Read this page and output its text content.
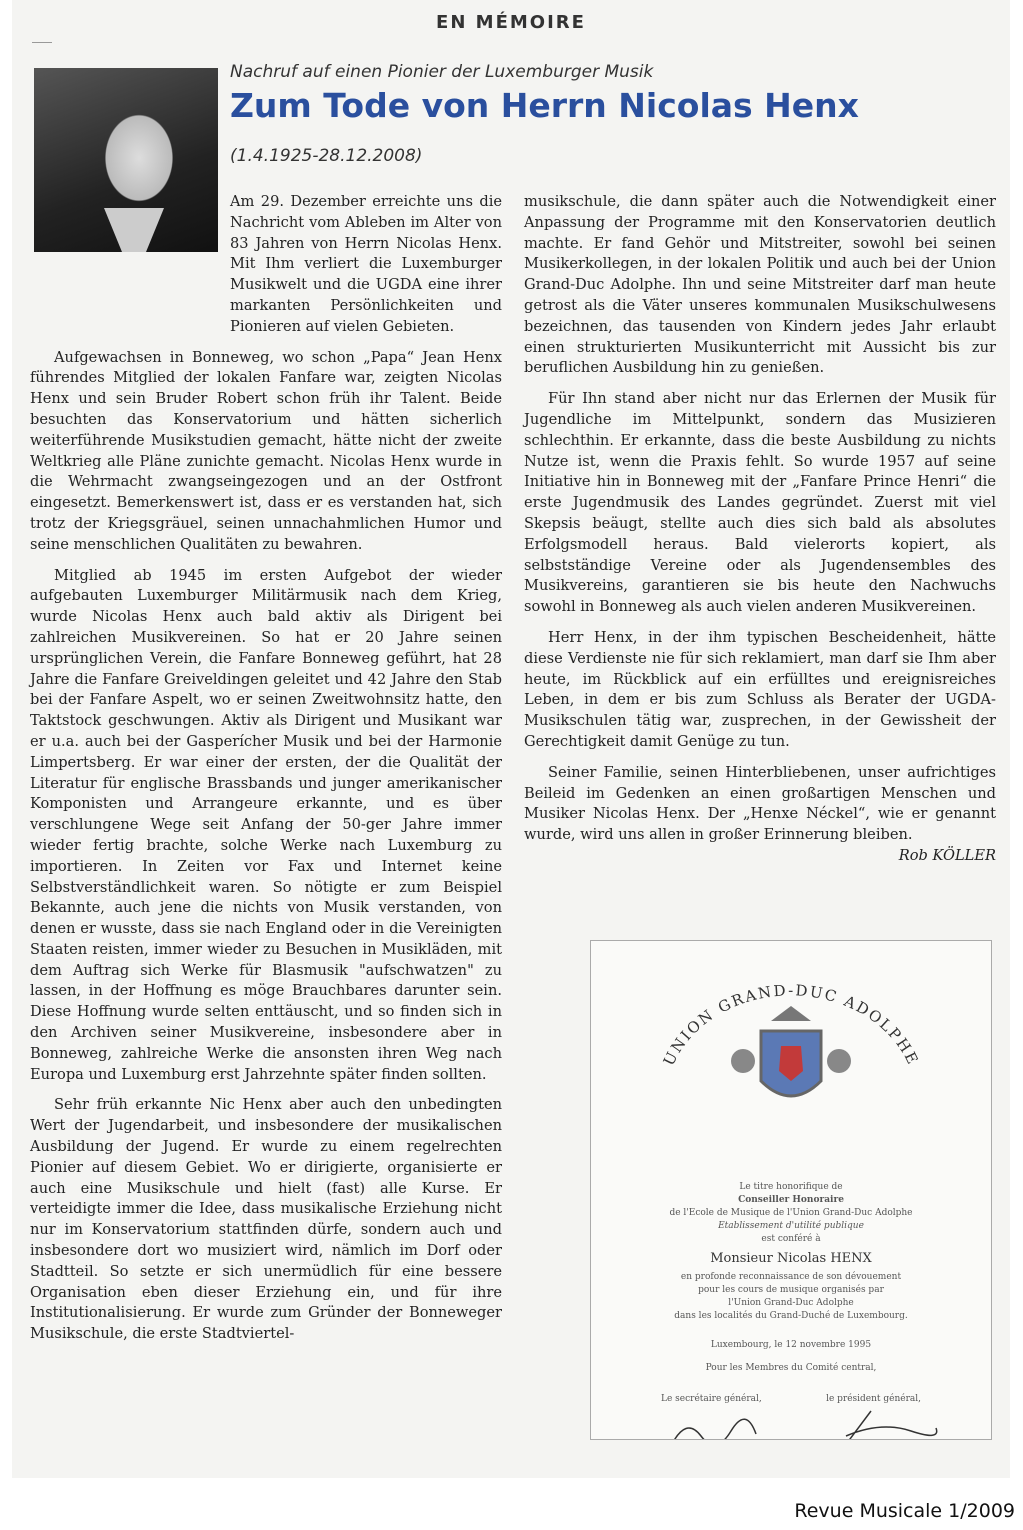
EN MÉMOIRE
Nachruf auf einen Pionier der Luxemburger Musik
Zum Tode von Herrn Nicolas Henx
(1.4.1925-28.12.2008)

Am 29. Dezember erreichte uns die Nachricht vom Ableben im Alter von 83 Jahren von Herrn Nicolas Henx. Mit Ihm verliert die Luxemburger Musikwelt und die UGDA eine ihrer markanten Persönlichkeiten und Pionieren auf vielen Gebieten.

Aufgewachsen in Bonneweg, wo schon „Papa“ Jean Henx führendes Mitglied der lokalen Fanfare war, zeigten Nicolas Henx und sein Bruder Robert schon früh ihr Talent. Beide besuchten das Konservatorium und hätten sicherlich weiterführende Musikstudien gemacht, hätte nicht der zweite Weltkrieg alle Pläne zunichte gemacht. Nicolas Henx wurde in die Wehrmacht zwangseingezogen und an der Ostfront eingesetzt. Bemerkenswert ist, dass er es verstanden hat, sich trotz der Kriegsgräuel, seinen unnachahmlichen Humor und seine menschlichen Qualitäten zu bewahren.

Mitglied ab 1945 im ersten Aufgebot der wieder aufgebauten Luxemburger Militärmusik nach dem Krieg, wurde Nicolas Henx auch bald aktiv als Dirigent bei zahlreichen Musikvereinen. So hat er 20 Jahre seinen ursprünglichen Verein, die Fanfare Bonneweg geführt, hat 28 Jahre die Fanfare Greiveldingen geleitet und 42 Jahre den Stab bei der Fanfare Aspelt, wo er seinen Zweitwohnsitz hatte, den Taktstock geschwungen. Aktiv als Dirigent und Musikant war er u.a. auch bei der Gasperícher Musik und bei der Harmonie Limpertsberg. Er war einer der ersten, der die Qualität der Literatur für englische Brassbands und junger amerikanischer Komponisten und Arrangeure erkannte, und es über verschlungene Wege seit Anfang der 50-ger Jahre immer wieder fertig brachte, solche Werke nach Luxemburg zu importieren. In Zeiten vor Fax und Internet keine Selbstverständlichkeit waren. So nötigte er zum Beispiel Bekannte, auch jene die nichts von Musik verstanden, von denen er wusste, dass sie nach England oder in die Vereinigten Staaten reisten, immer wieder zu Besuchen in Musikläden, mit dem Auftrag sich Werke für Blasmusik "aufschwatzen" zu lassen, in der Hoffnung es möge Brauchbares darunter sein. Diese Hoffnung wurde selten enttäuscht, und so finden sich in den Archiven seiner Musikvereine, insbesondere aber in Bonneweg, zahlreiche Werke die ansonsten ihren Weg nach Europa und Luxemburg erst Jahrzehnte später finden sollten.

Sehr früh erkannte Nic Henx aber auch den unbedingten Wert der Jugendarbeit, und insbesondere der musikalischen Ausbildung der Jugend. Er wurde zu einem regelrechten Pionier auf diesem Gebiet. Wo er dirigierte, organisierte er auch eine Musikschule und hielt (fast) alle Kurse. Er verteidigte immer die Idee, dass musikalische Erziehung nicht nur im Konservatorium stattfinden dürfe, sondern auch und insbesondere dort wo musiziert wird, nämlich im Dorf oder Stadtteil. So setzte er sich unermüdlich für eine bessere Organisation eben dieser Erziehung ein, und für ihre Institutionalisierung. Er wurde zum Gründer der Bonneweger Musikschule, die erste Stadtviertel-

musikschule, die dann später auch die Notwendigkeit einer Anpassung der Programme mit den Konservatorien deutlich machte. Er fand Gehör und Mitstreiter, sowohl bei seinen Musikerkollegen, in der lokalen Politik und auch bei der Union Grand-Duc Adolphe. Ihn und seine Mitstreiter darf man heute getrost als die Väter unseres kommunalen Musikschulwesens bezeichnen, das tausenden von Kindern jedes Jahr erlaubt einen strukturierten Musikunterricht mit Aussicht bis zur beruflichen Ausbildung hin zu genießen.

Für Ihn stand aber nicht nur das Erlernen der Musik für Jugendliche im Mittelpunkt, sondern das Musizieren schlechthin. Er erkannte, dass die beste Ausbildung zu nichts Nutze ist, wenn die Praxis fehlt. So wurde 1957 auf seine Initiative hin in Bonneweg mit der „Fanfare Prince Henri“ die erste Jugendmusik des Landes gegründet. Zuerst mit viel Skepsis beäugt, stellte auch dies sich bald als absolutes Erfolgsmodell heraus. Bald vielerorts kopiert, als selbstständige Vereine oder als Jugendensembles des Musikvereins, garantieren sie bis heute den Nachwuchs sowohl in Bonneweg als auch vielen anderen Musikvereinen.

Herr Henx, in der ihm typischen Bescheidenheit, hätte diese Verdienste nie für sich reklamiert, man darf sie Ihm aber heute, im Rückblick auf ein erfülltes und ereignisreiches Leben, in dem er bis zum Schluss als Berater der UGDA-Musikschulen tätig war, zusprechen, in der Gewissheit der Gerechtigkeit damit Genüge zu tun.

Seiner Familie, seinen Hinterbliebenen, unser aufrichtiges Beileid im Gedenken an einen großartigen Menschen und Musiker Nicolas Henx. Der „Henxe Néckel“, wie er genannt wurde, wird uns allen in großer Erinnerung bleiben.

Rob KÖLLER
UNION GRAND-DUC ADOLPHE
Le titre honorifique de
Conseiller Honoraire
de l'Ecole de Musique de l'Union Grand-Duc Adolphe
Etablissement d'utilité publique
est conféré à
Monsieur Nicolas HENX
en profonde reconnaissance de son dévouement
pour les cours de musique organisés par
l'Union Grand-Duc Adolphe
dans les localités du Grand-Duché de Luxembourg.
Luxembourg, le 12 novembre 1995
Pour les Membres du Comité central,
Le secrétaire général,	le président général,
Revue Musicale 1/2009
